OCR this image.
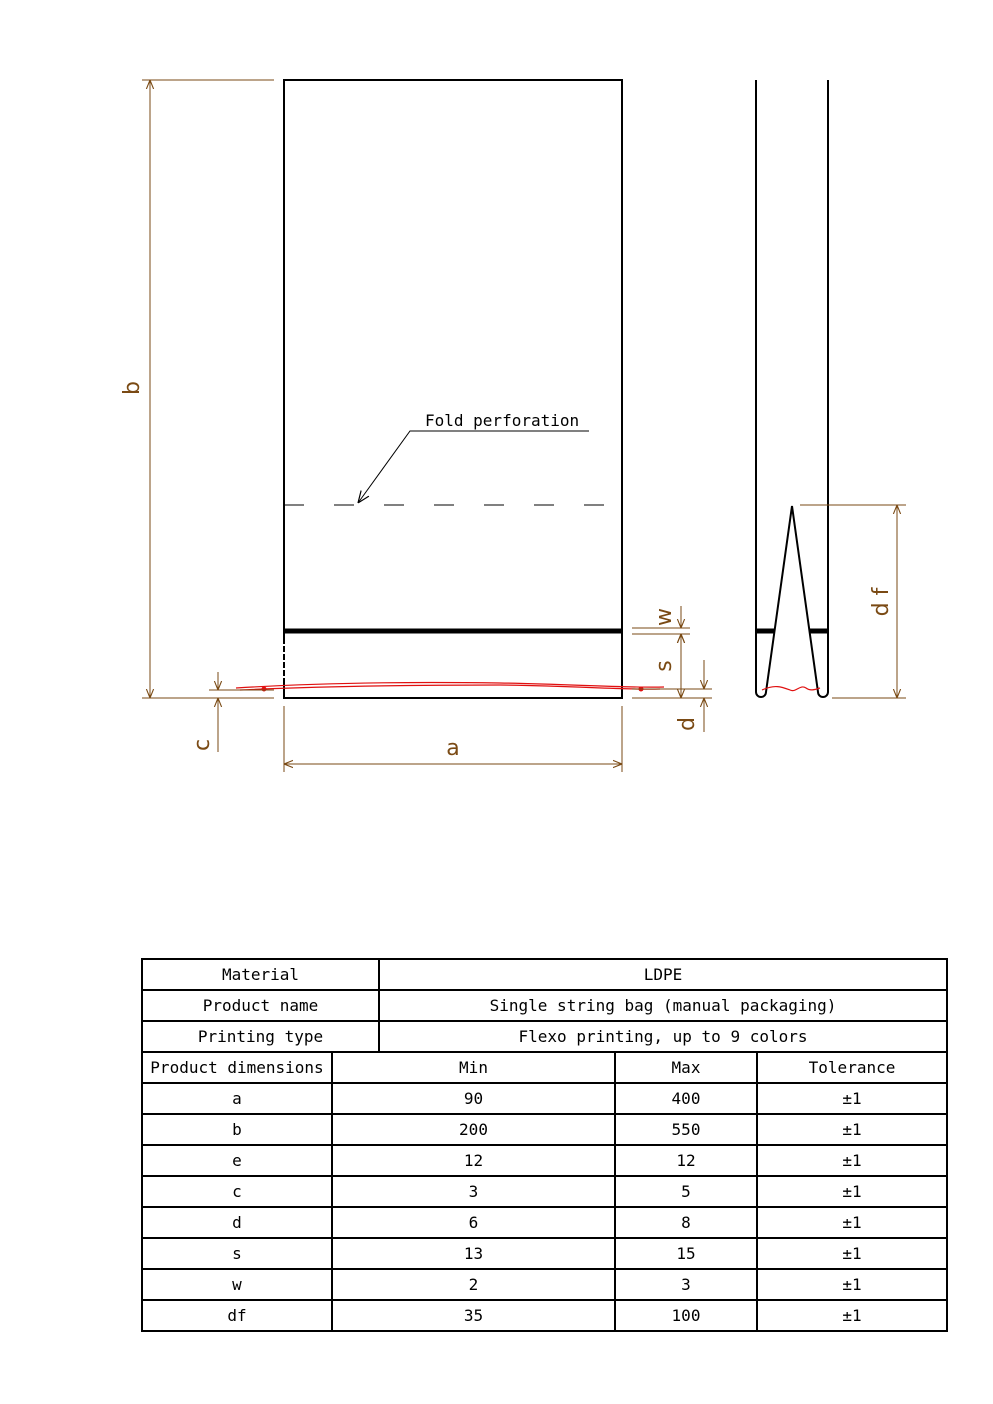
Fold perforation
b
c	a
w
s
d
d f
Material		LDPE		
Product name		Single string bag (manual packaging)		
Printing type		Flexo printing, up to 9 colors		
Product dimensions	Min		Max	Tolerance
a	90		400	±1
b	200		550	±1
e	12		12	±1
c	3		5	±1
d	6		8	±1
s	13		15	±1
w	2		3	±1
df	35		100	±1
